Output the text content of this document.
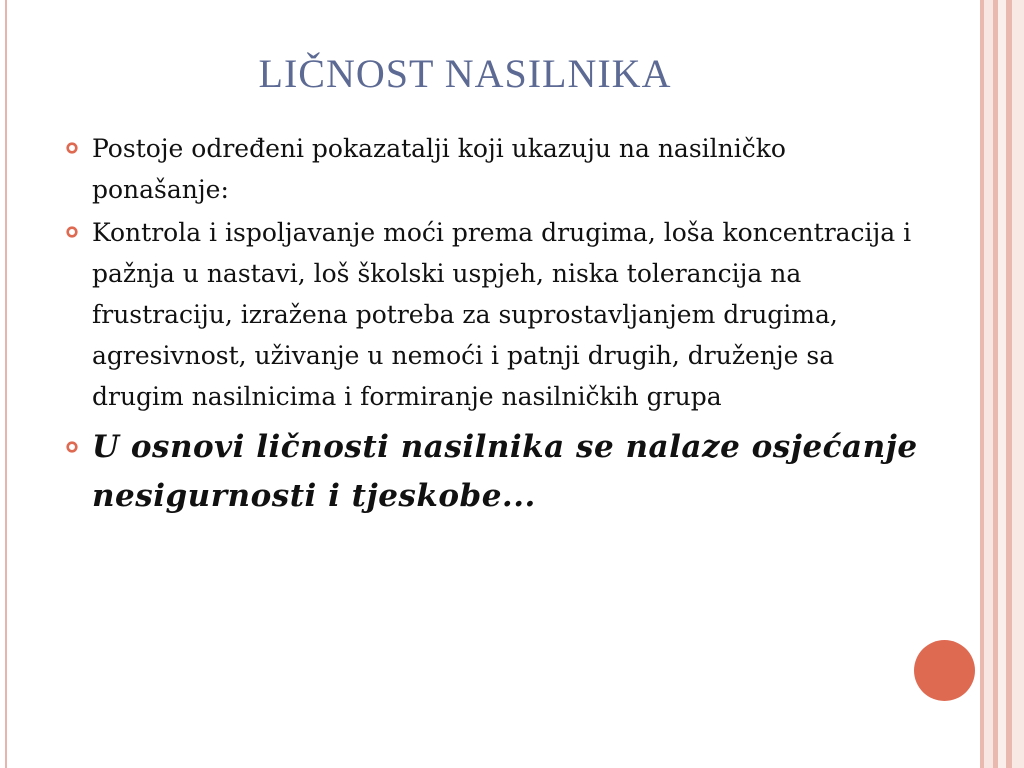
LIČNOST NASILNIKA
Postoje određeni pokazatalji koji ukazuju na nasilničko ponašanje:
Kontrola i ispoljavanje moći prema drugima, loša koncentracija i pažnja u nastavi, loš školski uspjeh, niska tolerancija na frustraciju, izražena potreba za suprostavljanjem drugima, agresivnost, uživanje u nemoći i patnji drugih, druženje sa drugim nasilnicima i formiranje nasilničkih grupa
U osnovi ličnosti nasilnika se nalaze osjećanje nesigurnosti i tjeskobe...
